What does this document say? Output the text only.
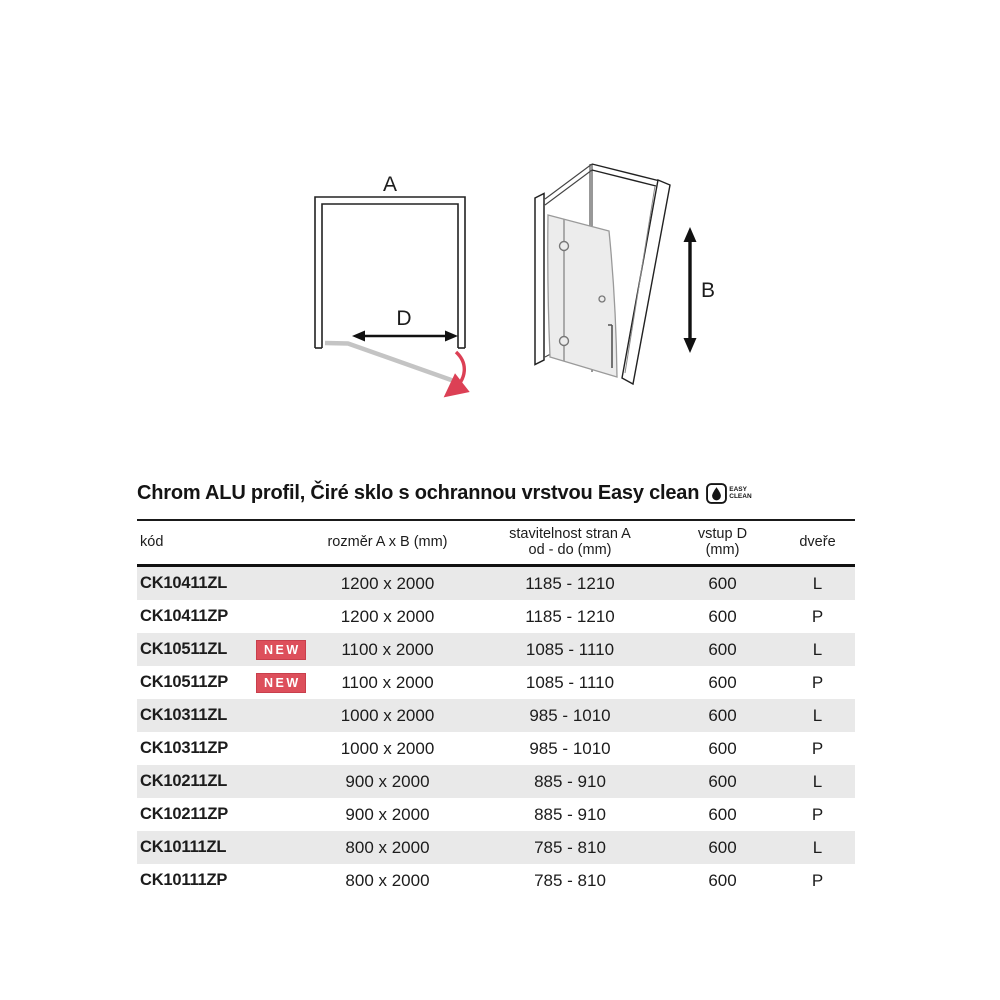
A
D
B
Chrom ALU profil, Čiré sklo s ochrannou vrstvou Easy clean	EASY
CLEAN
kód	rozměr A x B (mm)	stavitelnost stran A
od - do (mm)	vstup D
(mm)	dveře
CK10411ZL	1200 x 2000	1185 - 1210	600	L
CK10411ZP	1200 x 2000	1185 - 1210	600	P
CK10511ZL NEW	1100 x 2000	1085 - 1110	600	L
CK10511ZP NEW	1100 x 2000	1085 - 1110	600	P
CK10311ZL	1000 x 2000	985 - 1010	600	L
CK10311ZP	1000 x 2000	985 - 1010	600	P
CK10211ZL	900 x 2000	885 - 910	600	L
CK10211ZP	900 x 2000	885 - 910	600	P
CK10111ZL	800 x 2000	785 - 810	600	L
CK10111ZP	800 x 2000	785 - 810	600	P
